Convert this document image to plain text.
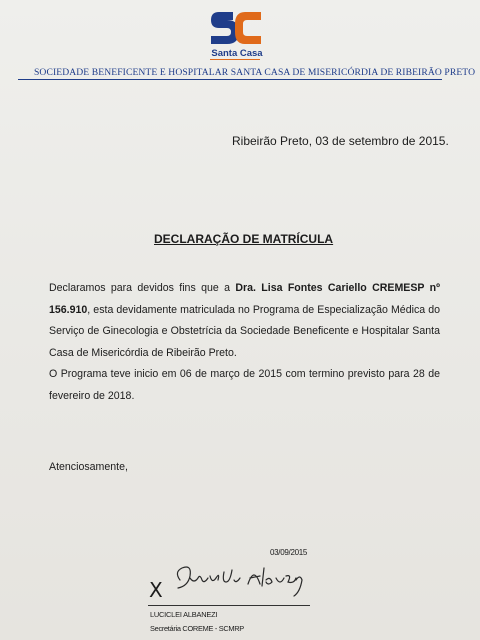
Santa Casa
SOCIEDADE BENEFICENTE E HOSPITALAR SANTA CASA DE MISERICÓRDIA DE RIBEIRÃO PRETO
Ribeirão Preto, 03 de setembro de 2015.
DECLARAÇÃO DE MATRÍCULA

Declaramos para devidos fins que a Dra. Lisa Fontes Cariello CREMESP nº 156.910, esta devidamente matriculada no Programa de Especialização Médica do Serviço de Ginecologia e Obstetrícia da Sociedade Beneficente e Hospitalar Santa Casa de Misericórdia de Ribeirão Preto.

O Programa teve inicio em 06 de março de 2015 com termino previsto para 28 de fevereiro de 2018.

Atenciosamente,
03/09/2015
X
LUCICLEI ALBANEZI
Secretária COREME - SCMRP
